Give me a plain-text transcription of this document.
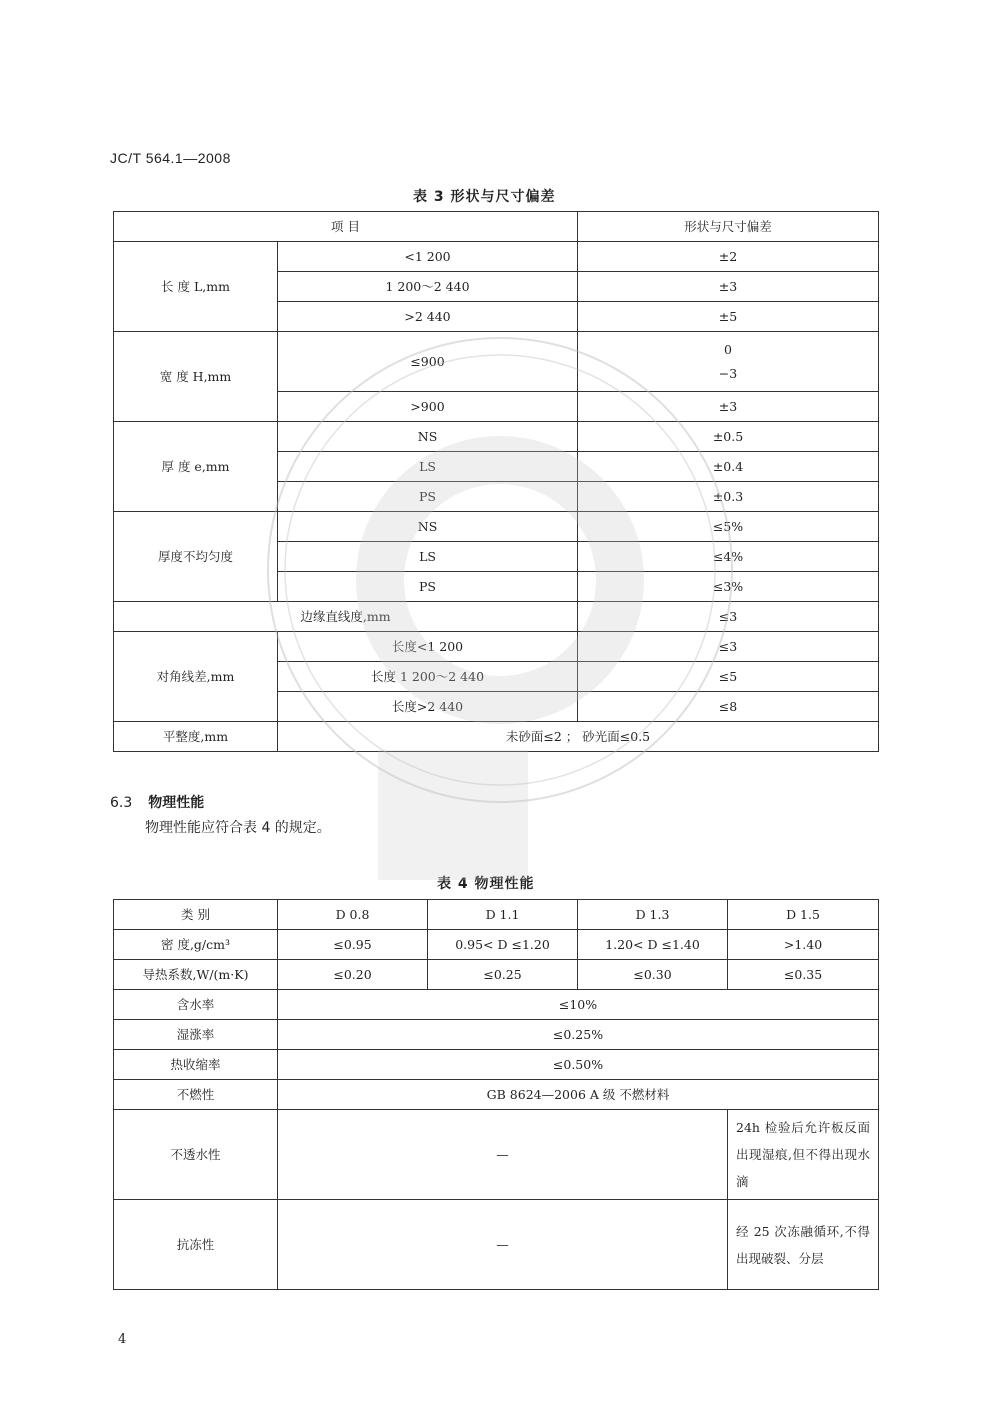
JC/T 564.1—2008
表 3 形状与尺寸偏差
项 目		形状与尺寸偏差
长 度 L,mm	<1 200	±2
	1 200～2 440	±3
	>2 440	±5
宽 度 H,mm	≤900	0
−3

	>900	±3
厚 度 e,mm	NS	±0.5
	LS	±0.4
	PS	±0.3
厚度不均匀度	NS	≤5%
	LS	≤4%
	PS	≤3%
边缘直线度,mm		≤3
对角线差,mm	长度<1 200	≤3
	长度 1 200～2 440	≤5
	长度>2 440	≤8
平整度,mm	未砂面≤2 ； 砂光面≤0.5	
6.3 物理性能
物理性能应符合表 4 的规定。
表 4 物理性能
类 别	D 0.8	D 1.1	D 1.3	D 1.5
密 度,g/cm³	≤0.95	0.95< D ≤1.20	1.20< D ≤1.40	>1.40
导热系数,W/(m·K)	≤0.20	≤0.25	≤0.30	≤0.35
含水率	≤10%			
湿涨率	≤0.25%			
热收缩率	≤0.50%			
不燃性	GB 8624—2006 A 级 不燃材料			
不透水性	—			24h 检验后允许板反面出现湿痕,但不得出现水滴
抗冻性	—			经 25 次冻融循环,不得出现破裂、分层
4
